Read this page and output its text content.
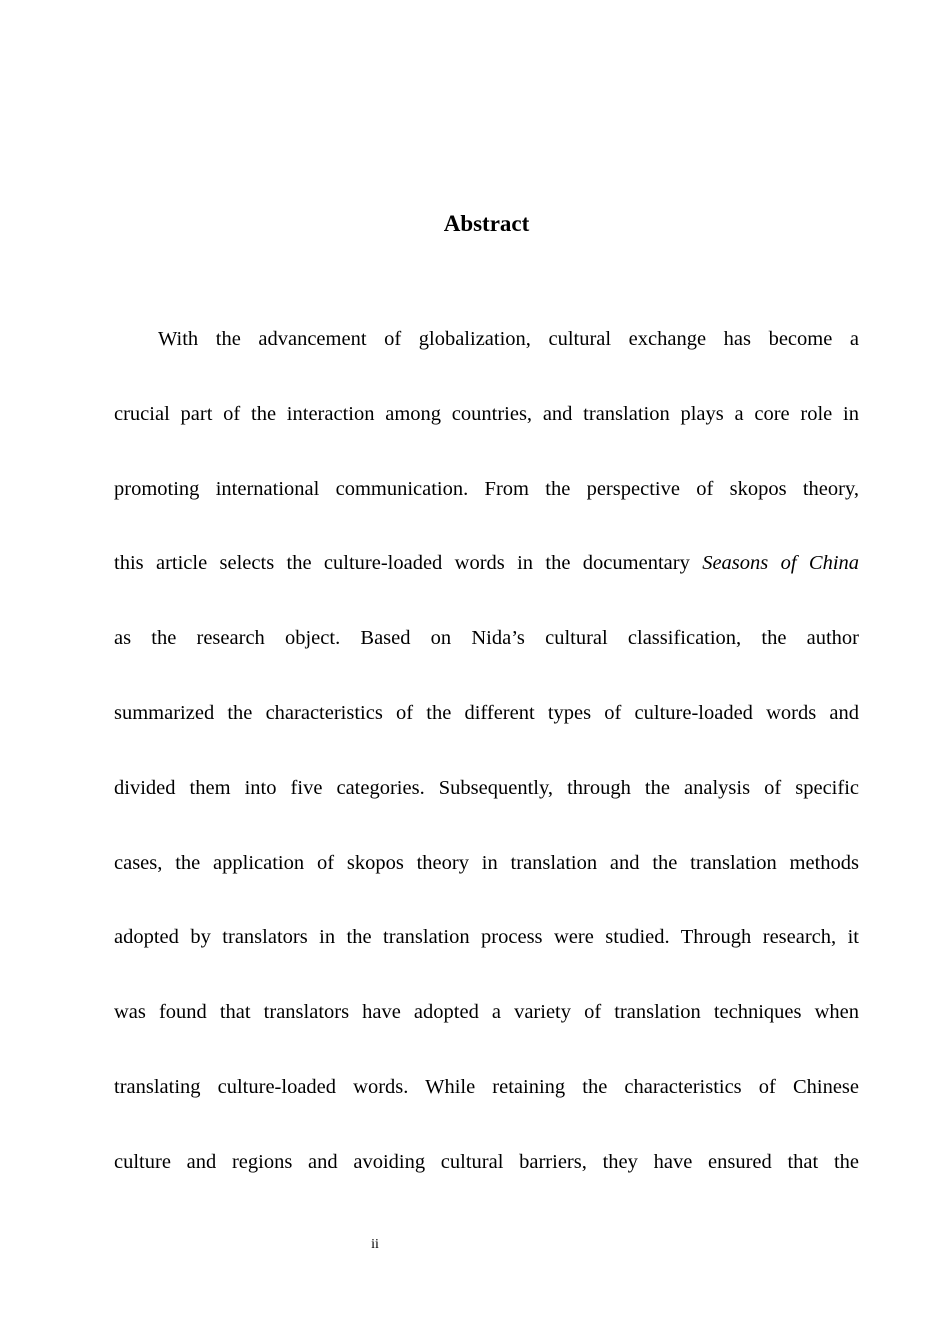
Abstract

With the advancement of globalization, cultural exchange has become a

crucial part of the interaction among countries, and translation plays a core role in

promoting international communication. From the perspective of skopos theory,

this article selects the culture-loaded words in the documentary Seasons of China

as the research object. Based on Nida’s cultural classification, the author

summarized the characteristics of the different types of culture-loaded words and

divided them into five categories. Subsequently, through the analysis of specific

cases, the application of skopos theory in translation and the translation methods

adopted by translators in the translation process were studied. Through research, it

was found that translators have adopted a variety of translation techniques when

translating culture-loaded words. While retaining the characteristics of Chinese

culture and regions and avoiding cultural barriers, they have ensured that the

ii
